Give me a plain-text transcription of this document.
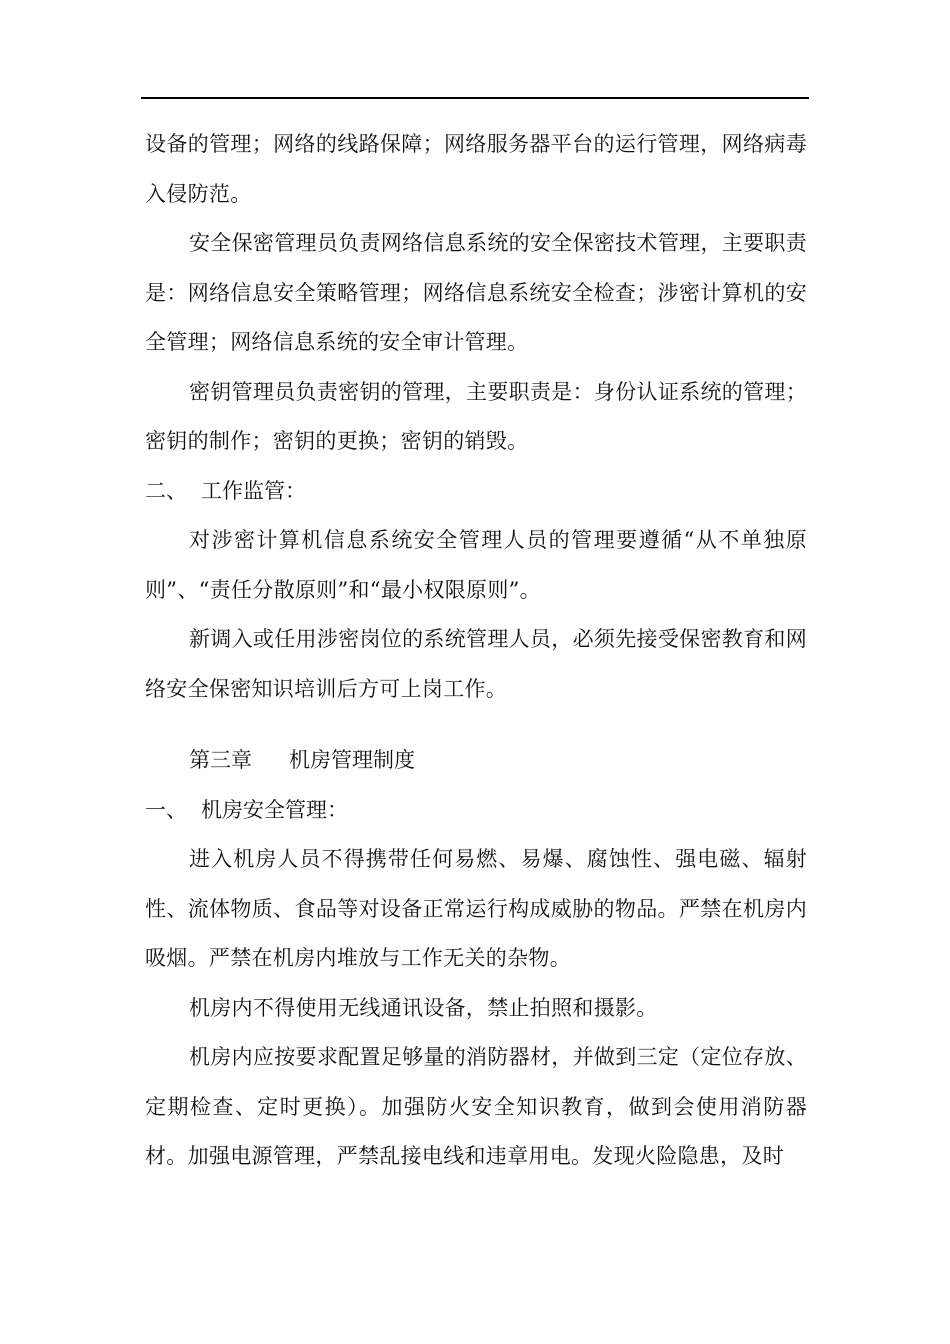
设备的管理；网络的线路保障；网络服务器平台的运行管理，网络病毒入侵防范。

安全保密管理员负责网络信息系统的安全保密技术管理，主要职责是：网络信息安全策略管理；网络信息系统安全检查；涉密计算机的安全管理；网络信息系统的安全审计管理。

密钥管理员负责密钥的管理，主要职责是：身份认证系统的管理；密钥的制作；密钥的更换；密钥的销毁。

二、 工作监管：

对涉密计算机信息系统安全管理人员的管理要遵循“从不单独原则”、“责任分散原则”和“最小权限原则”。

新调入或任用涉密岗位的系统管理人员，必须先接受保密教育和网络安全保密知识培训后方可上岗工作。

第三章 机房管理制度

一、 机房安全管理：

进入机房人员不得携带任何易燃、易爆、腐蚀性、强电磁、辐射性、流体物质、食品等对设备正常运行构成威胁的物品。严禁在机房内吸烟。严禁在机房内堆放与工作无关的杂物。

机房内不得使用无线通讯设备，禁止拍照和摄影。

机房内应按要求配置足够量的消防器材，并做到三定（定位存放、定期检查、定时更换）。加强防火安全知识教育，做到会使用消防器材。加强电源管理，严禁乱接电线和违章用电。发现火险隐患，及时
